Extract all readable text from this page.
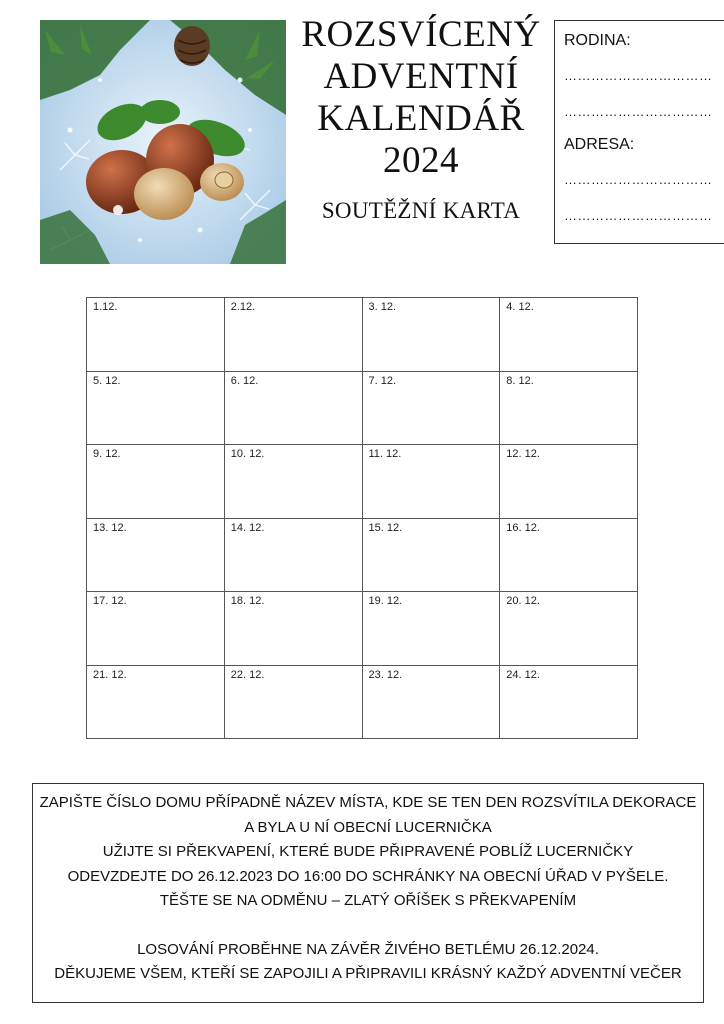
ROZSVÍCENÝ
ADVENTNÍ
KALENDÁŘ
2024
SOUTĚŽNÍ KARTA
RODINA:
……………………………
……………………………
ADRESA:
……………………………
……………………………
1.12.	2.12.	3. 12.	4. 12.
5. 12.	6. 12.	7. 12.	8. 12.
9. 12.	10. 12.	11. 12.	12. 12.
13. 12.	14. 12.	15. 12.	16. 12.
17. 12.	18. 12.	19. 12.	20. 12.
21. 12.	22. 12.	23. 12.	24. 12.
ZAPIŠTE ČÍSLO DOMU PŘÍPADNĚ NÁZEV MÍSTA, KDE SE TEN DEN ROZSVÍTILA DEKORACE
A BYLA U NÍ OBECNÍ LUCERNIČKA
UŽIJTE SI PŘEKVAPENÍ, KTERÉ BUDE PŘIPRAVENÉ POBLÍŽ LUCERNIČKY
ODEVZDEJTE DO 26.12.2023 DO 16:00 DO SCHRÁNKY NA OBECNÍ ÚŘAD V PYŠELE.
TĚŠTE SE NA ODMĚNU – ZLATÝ OŘÍŠEK S PŘEKVAPENÍM
LOSOVÁNÍ PROBĚHNE NA ZÁVĚR ŽIVÉHO BETLÉMU 26.12.2024.
DĚKUJEME VŠEM, KTEŘÍ SE ZAPOJILI A PŘIPRAVILI KRÁSNÝ KAŽDÝ ADVENTNÍ VEČER
